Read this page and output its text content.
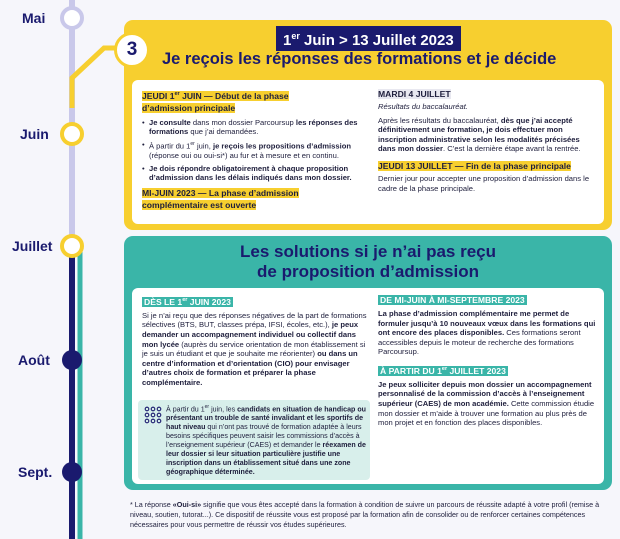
Mai
Juin
Juillet
Août
Sept.
3	1er Juin > 13 Juillet 2023
Je reçois les réponses des formations et je décide
JEUDI 1er JUIN — Début de la phase
d’admission principale
• Je consulte dans mon dossier Parcoursup les réponses des formations que j’ai demandées.
• À partir du 1er juin, je reçois les propositions d’admission (réponse oui ou oui-si*) au fur et à mesure et en continu.
• Je dois répondre obligatoirement à chaque proposition d’admission dans les délais indiqués dans mon dossier.
MI-JUIN 2023 — La phase d’admission
complémentaire est ouverte
MARDI 4 JUILLET
Résultats du baccalauréat.
Après les résultats du baccalauréat, dès que j’ai accepté définitivement une formation, je dois effectuer mon inscription administrative selon les modalités précisées dans mon dossier. C’est la dernière étape avant la rentrée.
JEUDI 13 JUILLET — Fin de la phase principale
Dernier jour pour accepter une proposition d’admission dans le cadre de la phase principale.
Les solutions si je n’ai pas reçu
de proposition d’admission
DÈS LE 1er JUIN 2023
Si je n’ai reçu que des réponses négatives de la part de formations sélectives (BTS, BUT, classes prépa, IFSI, écoles, etc.), je peux demander un accompagnement individuel ou collectif dans mon lycée (auprès du service orientation de mon établissement si je suis un étudiant et que je souhaite me réorienter) ou dans un centre d’information et d’orientation (CIO) pour envisager d’autres choix de formation et préparer la phase complémentaire.
À partir du 1er juin, les candidats en situation de handicap ou présentant un trouble de santé invalidant et les sportifs de haut niveau qui n’ont pas trouvé de formation adaptée à leurs besoins spécifiques peuvent saisir les commissions d’accès à l’enseignement supérieur (CAES) et demander le réexamen de leur dossier si leur situation particulière justifie une inscription dans un établissement situé dans une zone géographique déterminée.
DE MI-JUIN À MI-SEPTEMBRE 2023
La phase d’admission complémentaire me permet de formuler jusqu’à 10 nouveaux vœux dans les formations qui ont encore des places disponibles. Ces formations seront accessibles depuis le moteur de recherche des formations Parcoursup.
À PARTIR DU 1er JUILLET 2023
Je peux solliciter depuis mon dossier un accompagnement personnalisé de la commission d’accès à l’enseignement supérieur (CAES) de mon académie. Cette commission étudie mon dossier et m’aide à trouver une formation au plus près de mon projet et en fonction des places disponibles.
* La réponse «Oui-si» signifie que vous êtes accepté dans la formation à condition de suivre un parcours de réussite adapté à votre profil (remise à niveau, soutien, tutorat...). Ce dispositif de réussite vous est proposé par la formation afin de consolider ou de renforcer certaines compétences nécessaires pour vous permettre de réussir vos études supérieures.
